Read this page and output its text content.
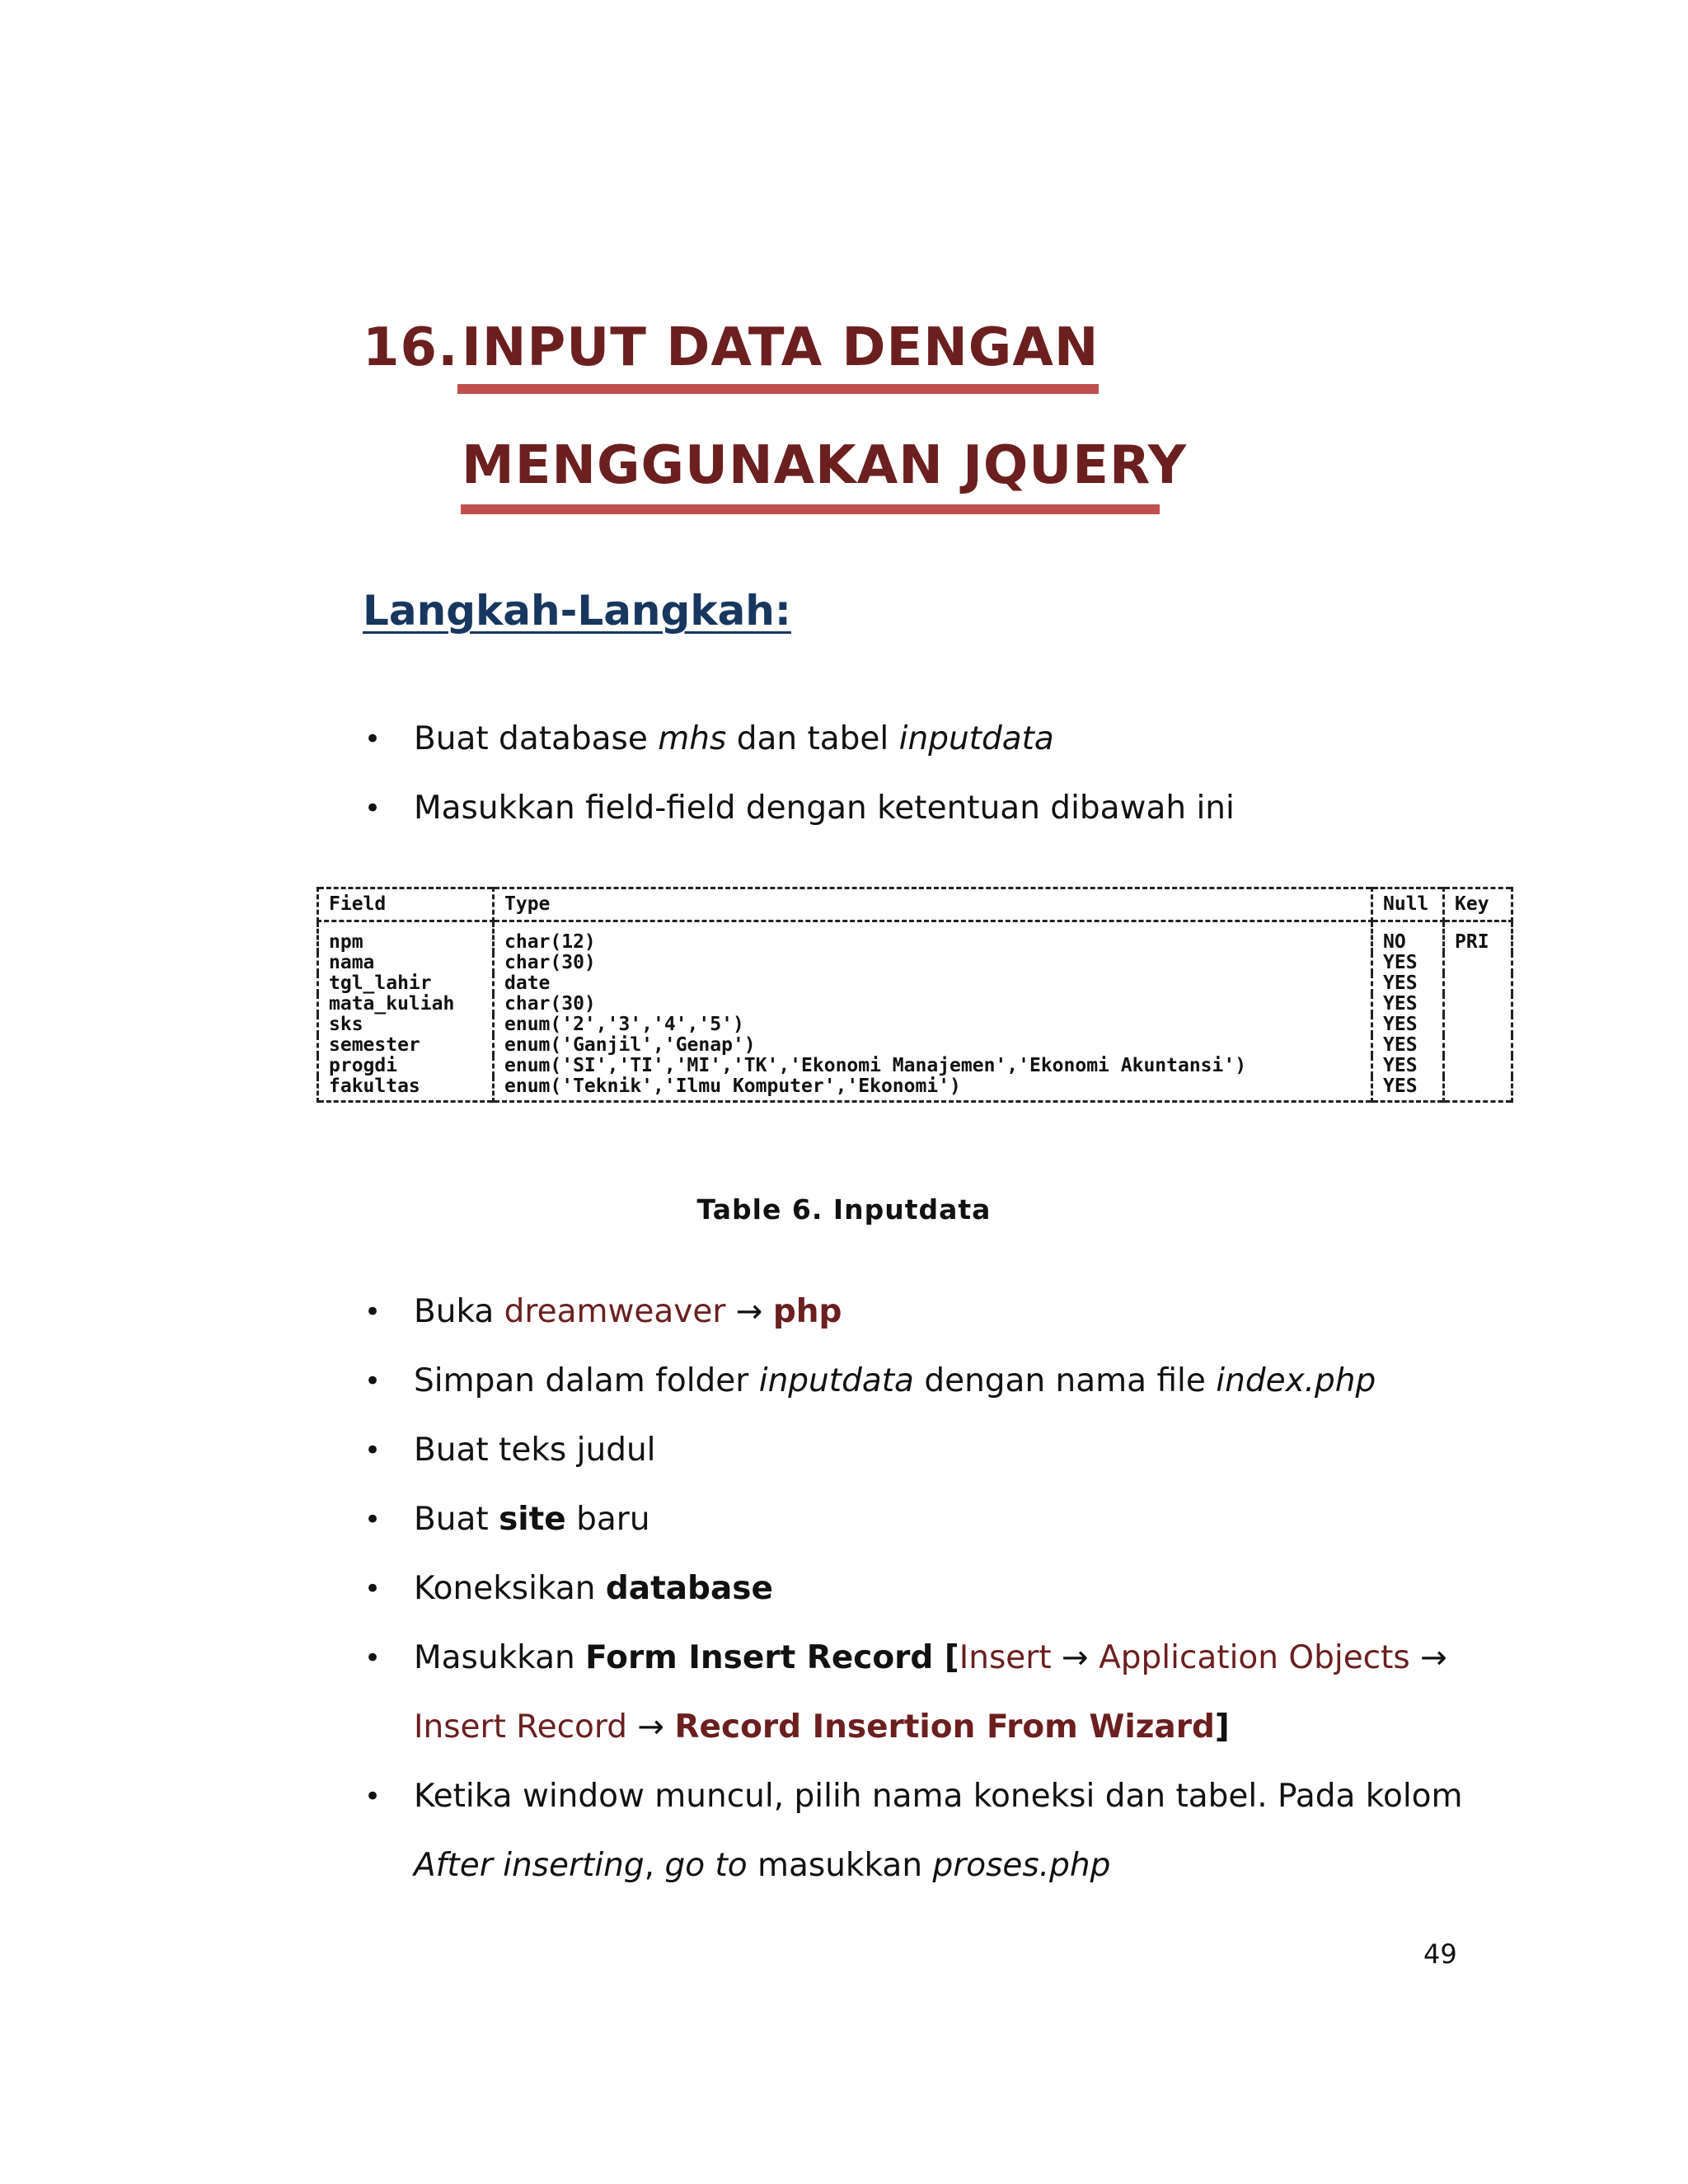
16. INPUT DATA DENGAN
MENGGUNAKAN JQUERY
Langkah-Langkah:
• Buat database mhs dan tabel inputdata
• Masukkan field-field dengan ketentuan dibawah ini
Field	Type	Null	Key
npm	char(12)	NO	PRI
nama	char(30)	YES	
tgl_lahir	date	YES	
mata_kuliah	char(30)	YES	
sks	enum('2','3','4','5')	YES	
semester	enum('Ganjil','Genap')	YES	
progdi	enum('SI','TI','MI','TK','Ekonomi Manajemen','Ekonomi Akuntansi')	YES	
fakultas	enum('Teknik','Ilmu Komputer','Ekonomi')	YES	
Table 6. Inputdata
• Buka dreamweaver → php
• Simpan dalam folder inputdata dengan nama file index.php
• Buat teks judul
• Buat site baru
• Koneksikan database
• Masukkan Form Insert Record [Insert → Application Objects →
Insert Record → Record Insertion From Wizard]
• Ketika window muncul, pilih nama koneksi dan tabel. Pada kolom
After inserting, go to masukkan proses.php
49
